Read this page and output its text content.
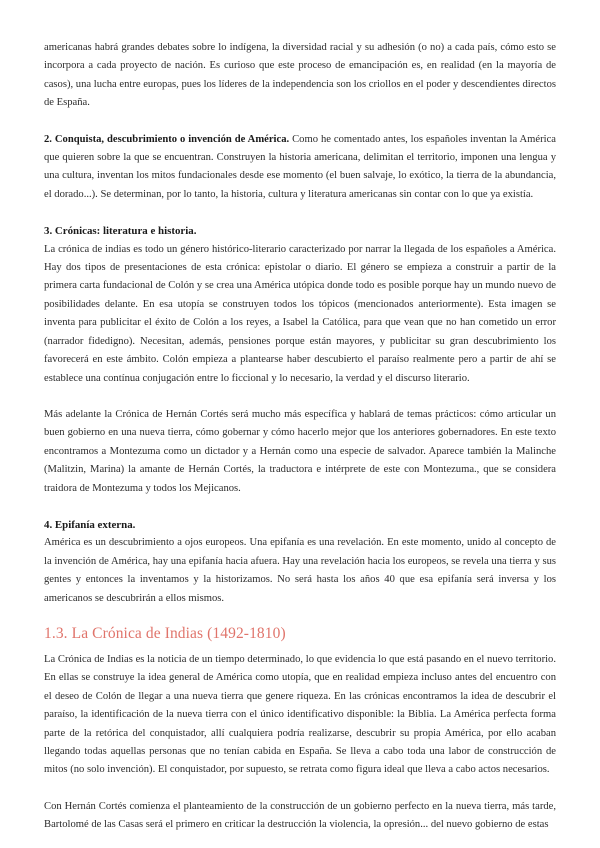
americanas habrá grandes debates sobre lo indígena, la diversidad racial y su adhesión (o no) a cada país, cómo esto se incorpora a cada proyecto de nación. Es curioso que este proceso de emancipación es, en realidad (en la mayoría de casos), una lucha entre europas, pues los líderes de la independencia son los criollos en el poder y descendientes directos de España.

2. Conquista, descubrimiento o invención de América. Como he comentado antes, los españoles inventan la América que quieren sobre la que se encuentran. Construyen la historia americana, delimitan el territorio, imponen una lengua y una cultura, inventan los mitos fundacionales desde ese momento (el buen salvaje, lo exótico, la tierra de la abundancia, el dorado...). Se determinan, por lo tanto, la historia, cultura y literatura americanas sin contar con lo que ya existía.

3. Crónicas: literatura e historia.

La crónica de indias es todo un género histórico-literario caracterizado por narrar la llegada de los españoles a América. Hay dos tipos de presentaciones de esta crónica: epistolar o diario. El género se empieza a construir a partir de la primera carta fundacional de Colón y se crea una América utópica donde todo es posible porque hay un mundo nuevo de posibilidades delante. En esa utopía se construyen todos los tópicos (mencionados anteriormente). Esta imagen se inventa para publicitar el éxito de Colón a los reyes, a Isabel la Católica, para que vean que no han cometido un error (narrador fidedigno). Necesitan, además, pensiones porque están mayores, y publicitar su gran descubrimiento los favorecerá en este ámbito. Colón empieza a plantearse haber descubierto el paraíso realmente pero a partir de ahí se establece una contínua conjugación entre lo ficcional y lo necesario, la verdad y el discurso literario.

Más adelante la Crónica de Hernán Cortés será mucho más específica y hablará de temas prácticos: cómo articular un buen gobierno en una nueva tierra, cómo gobernar y cómo hacerlo mejor que los anteriores gobernadores. En este texto encontramos a Montezuma como un dictador y a Hernán como una especie de salvador. Aparece también la Malinche (Malitzin, Marina) la amante de Hernán Cortés, la traductora e intérprete de este con Montezuma., que se considera traidora de Montezuma y todos los Mejicanos.

4. Epifanía externa.

América es un descubrimiento a ojos europeos. Una epifanía es una revelación. En este momento, unido al concepto de la invención de América, hay una epifanía hacia afuera. Hay una revelación hacia los europeos, se revela una tierra y sus gentes y entonces la inventamos y la historizamos. No será hasta los años 40 que esa epifanía será inversa y los americanos se descubrirán a ellos mismos.

1.3. La Crónica de Indias (1492-1810)

La Crónica de Indias es la noticia de un tiempo determinado, lo que evidencia lo que está pasando en el nuevo territorio. En ellas se construye la idea general de América como utopía, que en realidad empieza incluso antes del encuentro con el deseo de Colón de llegar a una nueva tierra que genere riqueza. En las crónicas encontramos la idea de descubrir el paraíso, la identificación de la nueva tierra con el único identificativo disponible: la Biblia. La América perfecta forma parte de la retórica del conquistador, allí cualquiera podría realizarse, descubrir su propia América, por ello acaban llegando todas aquellas personas que no tenían cabida en España. Se lleva a cabo toda una labor de construcción de mitos (no solo invención). El conquistador, por supuesto, se retrata como figura ideal que lleva a cabo actos necesarios.

Con Hernán Cortés comienza el planteamiento de la construcción de un gobierno perfecto en la nueva tierra, más tarde, Bartolomé de las Casas será el primero en criticar la destrucción la violencia, la opresión... del nuevo gobierno de estas
